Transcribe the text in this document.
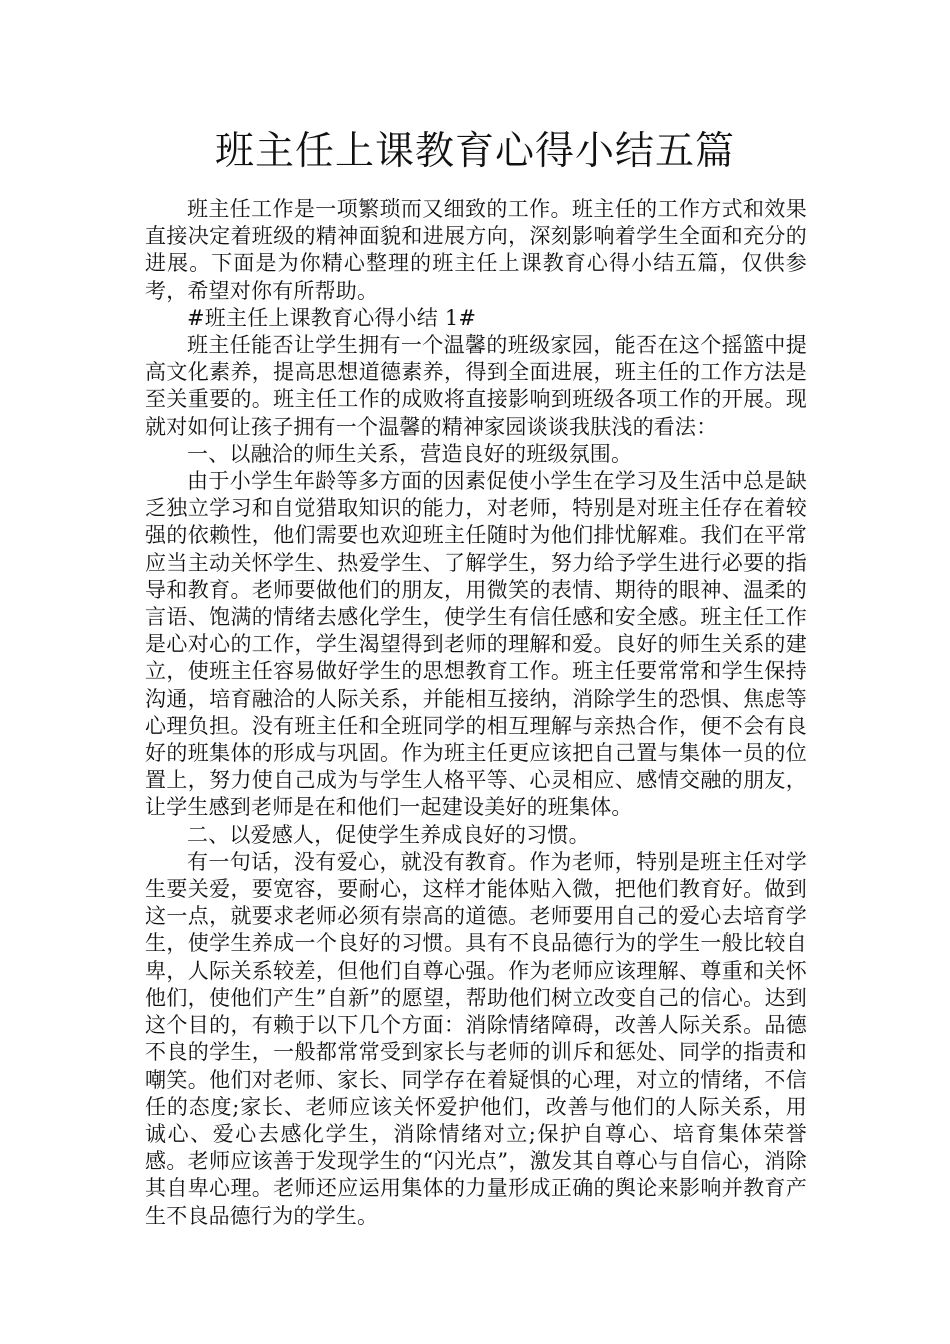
班主任上课教育心得小结五篇

班主任工作是一项繁琐而又细致的工作。班主任的工作方式和效果直接决定着班级的精神面貌和进展方向，深刻影响着学生全面和充分的进展。下面是为你精心整理的班主任上课教育心得小结五篇，仅供参考，希望对你有所帮助。

#班主任上课教育心得小结 1#

班主任能否让学生拥有一个温馨的班级家园，能否在这个摇篮中提高文化素养，提高思想道德素养，得到全面进展，班主任的工作方法是至关重要的。班主任工作的成败将直接影响到班级各项工作的开展。现就对如何让孩子拥有一个温馨的精神家园谈谈我肤浅的看法：

一、以融洽的师生关系，营造良好的班级氛围。

由于小学生年龄等多方面的因素促使小学生在学习及生活中总是缺乏独立学习和自觉猎取知识的能力，对老师，特别是对班主任存在着较强的依赖性，他们需要也欢迎班主任随时为他们排忧解难。我们在平常应当主动关怀学生、热爱学生、了解学生，努力给予学生进行必要的指导和教育。老师要做他们的朋友，用微笑的表情、期待的眼神、温柔的言语、饱满的情绪去感化学生，使学生有信任感和安全感。班主任工作是心对心的工作，学生渴望得到老师的理解和爱。良好的师生关系的建立，使班主任容易做好学生的思想教育工作。班主任要常常和学生保持沟通，培育融洽的人际关系，并能相互接纳，消除学生的恐惧、焦虑等心理负担。没有班主任和全班同学的相互理解与亲热合作，便不会有良好的班集体的形成与巩固。作为班主任更应该把自己置与集体一员的位置上，努力使自己成为与学生人格平等、心灵相应、感情交融的朋友，让学生感到老师是在和他们一起建设美好的班集体。

二、以爱感人，促使学生养成良好的习惯。

有一句话，没有爱心，就没有教育。作为老师，特别是班主任对学生要关爱，要宽容，要耐心，这样才能体贴入微，把他们教育好。做到这一点，就要求老师必须有崇高的道德。老师要用自己的爱心去培育学生，使学生养成一个良好的习惯。具有不良品德行为的学生一般比较自卑，人际关系较差，但他们自尊心强。作为老师应该理解、尊重和关怀他们，使他们产生”自新”的愿望，帮助他们树立改变自己的信心。达到这个目的，有赖于以下几个方面：消除情绪障碍，改善人际关系。品德不良的学生，一般都常常受到家长与老师的训斥和惩处、同学的指责和嘲笑。他们对老师、家长、同学存在着疑惧的心理，对立的情绪，不信任的态度;家长、老师应该关怀爱护他们，改善与他们的人际关系，用诚心、爱心去感化学生，消除情绪对立;保护自尊心、培育集体荣誉感。老师应该善于发现学生的“闪光点”，激发其自尊心与自信心，消除其自卑心理。老师还应运用集体的力量形成正确的舆论来影响并教育产生不良品德行为的学生。
